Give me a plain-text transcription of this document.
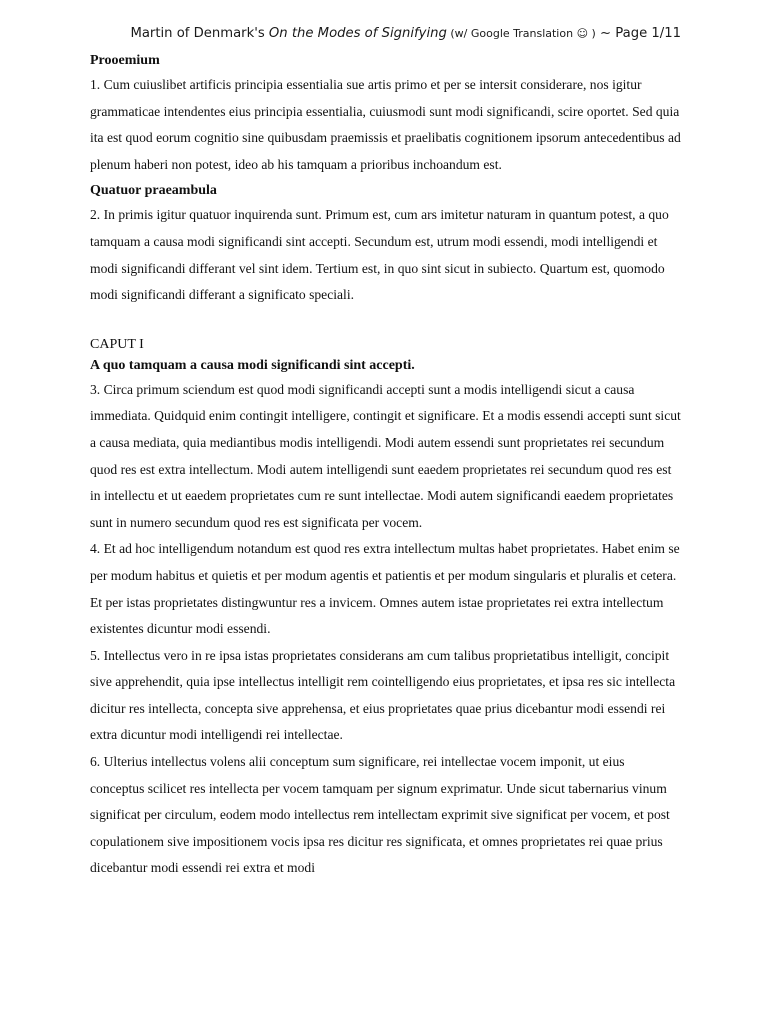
Martin of Denmark's On the Modes of Signifying (w/ Google Translation ☺ ) ~ Page 1/11

Prooemium

1. Cum cuiuslibet artificis principia essentialia sue artis primo et per se intersit considerare, nos igitur grammaticae intendentes eius principia essentialia, cuiusmodi sunt modi significandi, scire oportet. Sed quia ita est quod eorum cognitio sine quibusdam praemissis et praelibatis cognitionem ipsorum antecedentibus ad plenum haberi non potest, ideo ab his tamquam a prioribus inchoandum est.

Quatuor praeambula

2. In primis igitur quatuor inquirenda sunt. Primum est, cum ars imitetur naturam in quantum potest, a quo tamquam a causa modi significandi sint accepti. Secundum est, utrum modi essendi, modi intelligendi et modi significandi differant vel sint idem. Tertium est, in quo sint sicut in subiecto. Quartum est, quomodo modi significandi differant a significato speciali.

CAPUT I

A quo tamquam a causa modi significandi sint accepti.

3. Circa primum sciendum est quod modi significandi accepti sunt a modis intelligendi sicut a causa immediata. Quidquid enim contingit intelligere, contingit et significare. Et a modis essendi accepti sunt sicut a causa mediata, quia mediantibus modis intelligendi. Modi autem essendi sunt proprietates rei secundum quod res est extra intellectum. Modi autem intelligendi sunt eaedem proprietates rei secundum quod res est in intellectu et ut eaedem proprietates cum re sunt intellectae. Modi autem significandi eaedem proprietates sunt in numero secundum quod res est significata per vocem.

4. Et ad hoc intelligendum notandum est quod res extra intellectum multas habet proprietates. Habet enim se per modum habitus et quietis et per modum agentis et patientis et per modum singularis et pluralis et cetera. Et per istas proprietates distingwuntur res a invicem. Omnes autem istae proprietates rei extra intellectum existentes dicuntur modi essendi.

5. Intellectus vero in re ipsa istas proprietates considerans am cum talibus proprietatibus intelligit, concipit sive apprehendit, quia ipse intellectus intelligit rem cointelligendo eius proprietates, et ipsa res sic intellecta dicitur res intellecta, concepta sive apprehensa, et eius proprietates quae prius dicebantur modi essendi rei extra dicuntur modi intelligendi rei intellectae.

6. Ulterius intellectus volens alii conceptum sum significare, rei intellectae vocem imponit, ut eius conceptus scilicet res intellecta per vocem tamquam per signum exprimatur. Unde sicut tabernarius vinum significat per circulum, eodem modo intellectus rem intellectam exprimit sive significat per vocem, et post copulationem sive impositionem vocis ipsa res dicitur res significata, et omnes proprietates rei quae prius dicebantur modi essendi rei extra et modi
